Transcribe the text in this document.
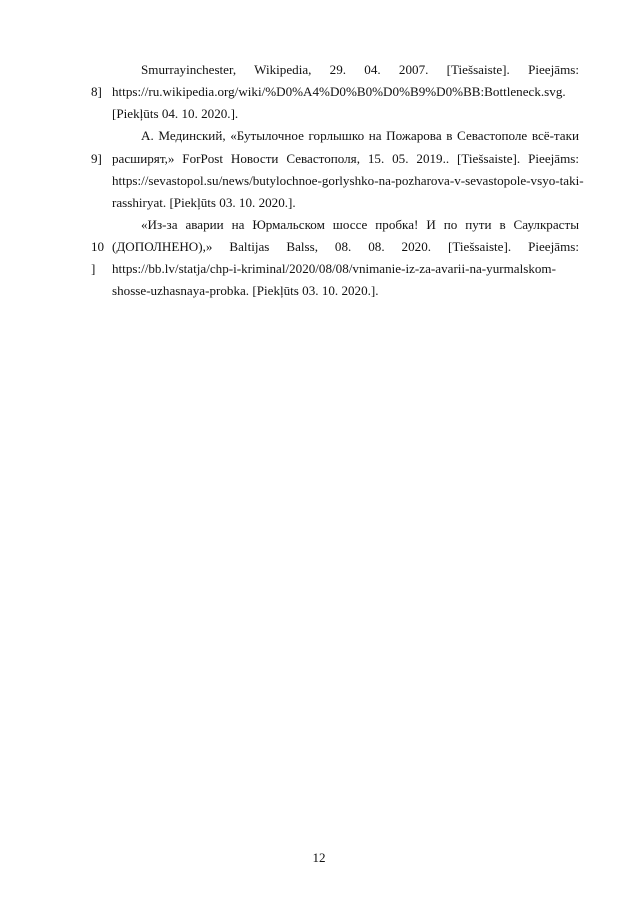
Smurrayinchester, Wikipedia, 29. 04. 2007. [Tiešsaiste]. Pieejāms:
8] https://ru.wikipedia.org/wiki/%D0%A4%D0%B0%D0%B9%D0%BB:Bottleneck.svg.
[Piekļūts 04. 10. 2020.].
А. Мединский, «Бутылочное горлышко на Пожарова в Севастополе всё-таки
9] расширят,» ForPost Новости Севастополя, 15. 05. 2019.. [Tiešsaiste]. Pieejāms:
https://sevastopol.su/news/butylochnoe-gorlyshko-na-pozharova-v-sevastopole-vsyo-taki-
rasshiryat. [Piekļūts 03. 10. 2020.].
«Из-за аварии на Юрмальском шоссе пробка! И по пути в Саулкрасты
10 (ДОПОЛНЕНО),» Baltijas Balss, 08. 08. 2020. [Tiešsaiste]. Pieejāms:
] https://bb.lv/statja/chp-i-kriminal/2020/08/08/vnimanie-iz-za-avarii-na-yurmalskom-
shosse-uzhasnaya-probka. [Piekļūts 03. 10. 2020.].
12
